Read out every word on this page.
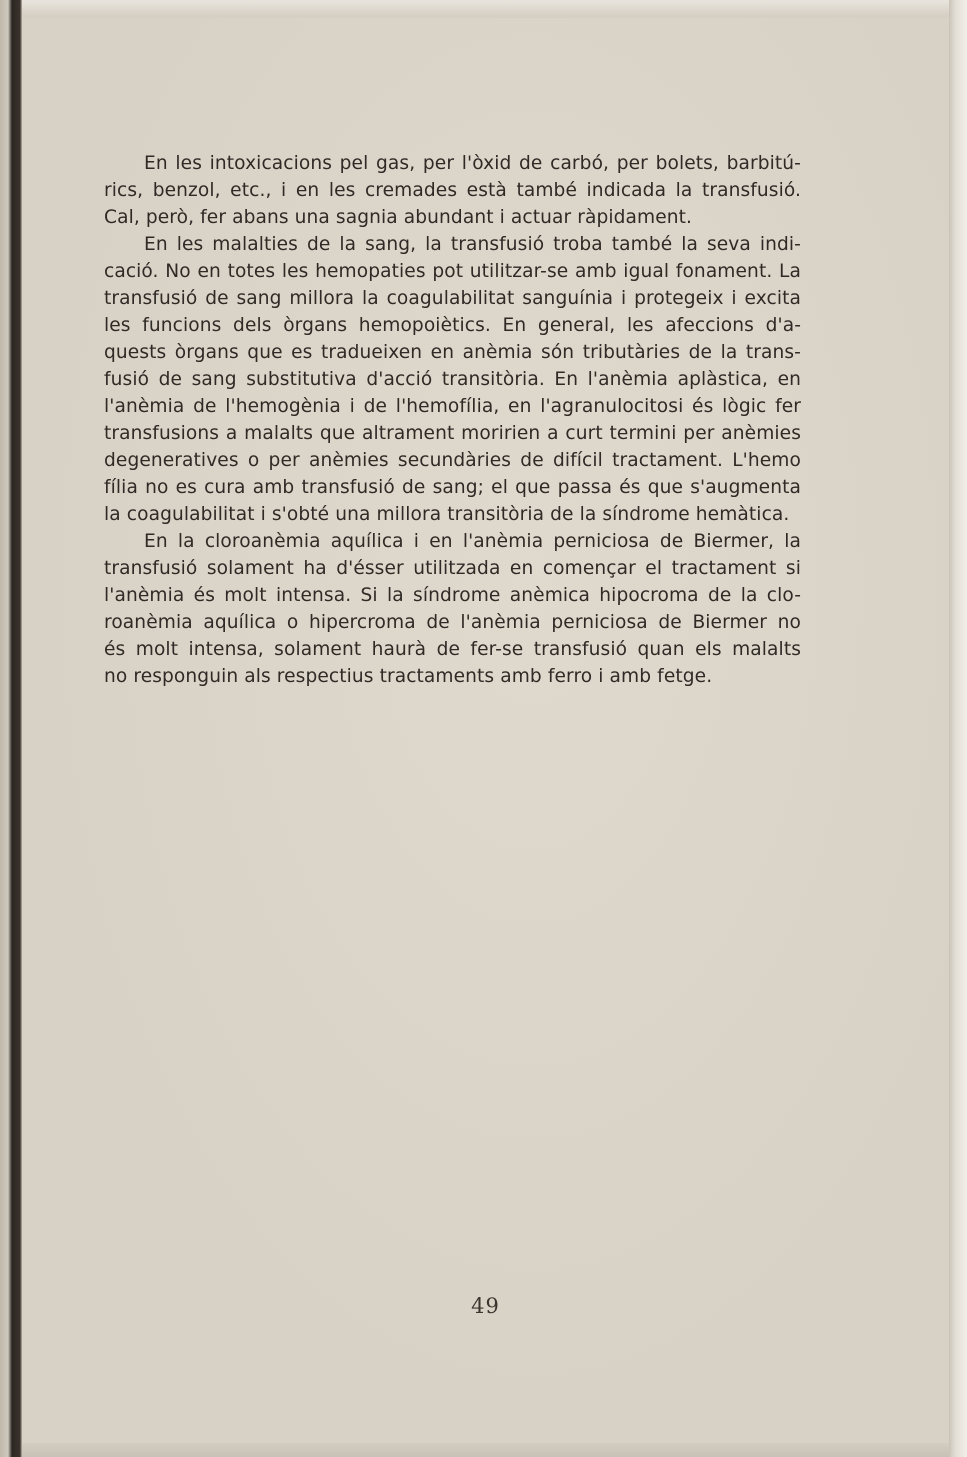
En les intoxicacions pel gas, per l'òxid de carbó, per bolets, barbitú-
rics, benzol, etc., i en les cremades està també indicada la transfusió.
Cal, però, fer abans una sagnia abundant i actuar ràpidament.
En les malalties de la sang, la transfusió troba també la seva indi-
cació. No en totes les hemopaties pot utilitzar-se amb igual fonament. La
transfusió de sang millora la coagulabilitat sanguínia i protegeix i excita
les funcions dels òrgans hemopoiètics. En general, les afeccions d'a-
quests òrgans que es tradueixen en anèmia són tributàries de la trans-
fusió de sang substitutiva d'acció transitòria. En l'anèmia aplàstica, en
l'anèmia de l'hemogènia i de l'hemofília, en l'agranulocitosi és lògic fer
transfusions a malalts que altrament moririen a curt termini per anèmies
degeneratives o per anèmies secundàries de difícil tractament. L'hemo
fília no es cura amb transfusió de sang; el que passa és que s'augmenta
la coagulabilitat i s'obté una millora transitòria de la síndrome hemàtica.
En la cloroanèmia aquílica i en l'anèmia perniciosa de Biermer, la
transfusió solament ha d'ésser utilitzada en començar el tractament si
l'anèmia és molt intensa. Si la síndrome anèmica hipocroma de la clo-
roanèmia aquílica o hipercroma de l'anèmia perniciosa de Biermer no
és molt intensa, solament haurà de fer-se transfusió quan els malalts
no responguin als respectius tractaments amb ferro i amb fetge.
49
